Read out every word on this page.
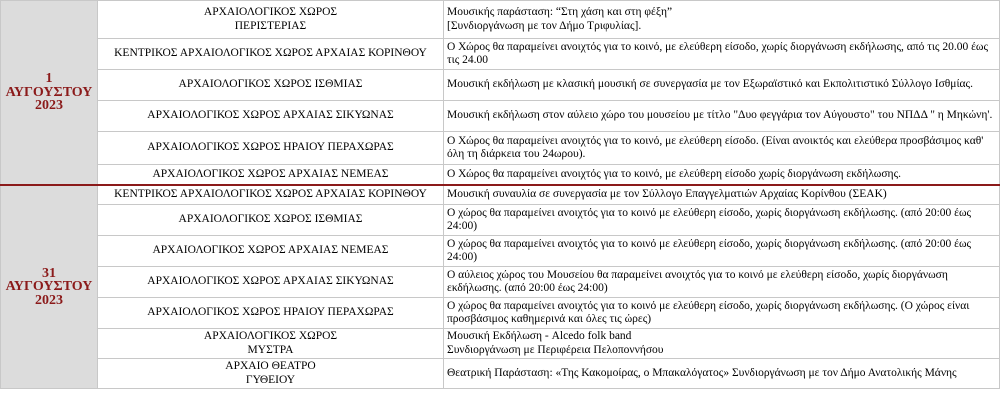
1
ΑΥΓΟΥΣΤΟΥ
2023	ΑΡΧΑΙΟΛΟΓΙΚΟΣ ΧΩΡΟΣ
ΠΕΡΙΣΤΕΡΙΑΣ	Μουσικής παράσταση: “Στη χάση και στη φέξη”
[Συνδιοργάνωση με τον Δήμο Τριφυλίας].

	ΚΕΝΤΡΙΚΟΣ ΑΡΧΑΙΟΛΟΓΙΚΟΣ ΧΩΡΟΣ ΑΡΧΑΙΑΣ ΚΟΡΙΝΘΟΥ	Ο Χώρος θα παραμείνει ανοιχτός για το κοινό, με ελεύθερη είσοδο, χωρίς διοργάνωση εκδήλωσης, από τις 20.00 έως τις 24.00

	ΑΡΧΑΙΟΛΟΓΙΚΟΣ ΧΩΡΟΣ ΙΣΘΜΙΑΣ	Μουσική εκδήλωση με κλασική μουσική σε συνεργασία με τον Εξωραϊστικό και Εκπολιτιστικό Σύλλογο Ισθμίας.

	ΑΡΧΑΙΟΛΟΓΙΚΟΣ ΧΩΡΟΣ ΑΡΧΑΙΑΣ ΣΙΚΥΩΝΑΣ	Μουσική εκδήλωση στον αύλειο χώρο του μουσείου με τίτλο "Δυο φεγγάρια τον Αύγουστο" του ΝΠΔΔ " η Μηκώνη'.

	ΑΡΧΑΙΟΛΟΓΙΚΟΣ ΧΩΡΟΣ ΗΡΑΙΟΥ ΠΕΡΑΧΩΡΑΣ	Ο Χώρος θα παραμείνει ανοιχτός για το κοινό, με ελεύθερη είσοδο. (Είναι ανοικτός και ελεύθερα προσβάσιμος καθ' όλη τη διάρκεια του 24ωρου).

	ΑΡΧΑΙΟΛΟΓΙΚΟΣ ΧΩΡΟΣ ΑΡΧΑΙΑΣ ΝΕΜΕΑΣ	Ο Χώρος θα παραμείνει ανοιχτός για το κοινό, με ελεύθερη είσοδο χωρίς διοργάνωση εκδήλωσης.

31
ΑΥΓΟΥΣΤΟΥ
2023	ΚΕΝΤΡΙΚΟΣ ΑΡΧΑΙΟΛΟΓΙΚΟΣ ΧΩΡΟΣ ΑΡΧΑΙΑΣ ΚΟΡΙΝΘΟΥ	Μουσική συναυλία σε συνεργασία με τον Σύλλογο Επαγγελματιών Αρχαίας Κορίνθου (ΣΕΑΚ)

	ΑΡΧΑΙΟΛΟΓΙΚΟΣ ΧΩΡΟΣ ΙΣΘΜΙΑΣ	Ο χώρος θα παραμείνει ανοιχτός για το κοινό με ελεύθερη είσοδο, χωρίς διοργάνωση εκδήλωσης. (από 20:00 έως 24:00)

	ΑΡΧΑΙΟΛΟΓΙΚΟΣ ΧΩΡΟΣ ΑΡΧΑΙΑΣ ΝΕΜΕΑΣ	Ο χώρος θα παραμείνει ανοιχτός για το κοινό με ελεύθερη είσοδο, χωρίς διοργάνωση εκδήλωσης. (από 20:00 έως 24:00)

	ΑΡΧΑΙΟΛΟΓΙΚΟΣ ΧΩΡΟΣ ΑΡΧΑΙΑΣ ΣΙΚΥΩΝΑΣ	Ο αύλειος χώρος του Μουσείου θα παραμείνει ανοιχτός για το κοινό με ελεύθερη είσοδο, χωρίς διοργάνωση εκδήλωσης. (από 20:00 έως 24:00)

	ΑΡΧΑΙΟΛΟΓΙΚΟΣ ΧΩΡΟΣ ΗΡΑΙΟΥ ΠΕΡΑΧΩΡΑΣ	Ο χώρος θα παραμείνει ανοιχτός για το κοινό με ελεύθερη είσοδο, χωρίς διοργάνωση εκδήλωσης. (Ο χώρος είναι προσβάσιμος καθημερινά και όλες τις ώρες)

	ΑΡΧΑΙΟΛΟΓΙΚΟΣ ΧΩΡΟΣ
ΜΥΣΤΡΑ	Μουσική Εκδήλωση - Alcedo folk band
Συνδιοργάνωση με Περιφέρεια Πελοποννήσου

	ΑΡΧΑΙΟ ΘΕΑΤΡΟ
ΓΥΘΕΙΟΥ	Θεατρική Παράσταση: «Της Κακομοίρας, ο Μπακαλόγατος» Συνδιοργάνωση με τον Δήμο Ανατολικής Μάνης
